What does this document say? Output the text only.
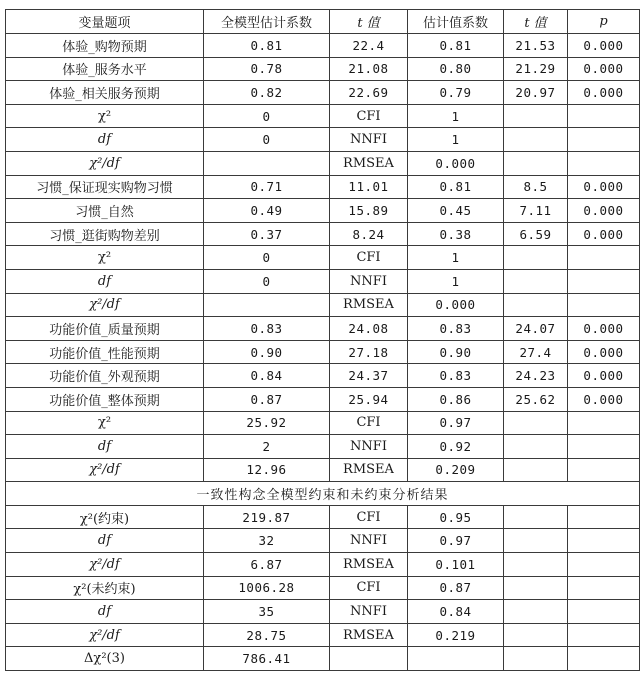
变量题项	全模型估计系数	t 值	估计值系数	t 值	p
体验_购物预期	0.81	22.4	0.81	21.53	0.000
体验_服务水平	0.78	21.08	0.80	21.29	0.000
体验_相关服务预期	0.82	22.69	0.79	20.97	0.000
χ²	0	CFI	1		
df	0	NNFI	1		
χ²/df		RMSEA	0.000		
习惯_保证现实购物习惯	0.71	11.01	0.81	8.5	0.000
习惯_自然	0.49	15.89	0.45	7.11	0.000
习惯_逛街购物差别	0.37	8.24	0.38	6.59	0.000
χ²	0	CFI	1		
df	0	NNFI	1		
χ²/df		RMSEA	0.000		
功能价值_质量预期	0.83	24.08	0.83	24.07	0.000
功能价值_性能预期	0.90	27.18	0.90	27.4	0.000
功能价值_外观预期	0.84	24.37	0.83	24.23	0.000
功能价值_整体预期	0.87	25.94	0.86	25.62	0.000
χ²	25.92	CFI	0.97		
df	2	NNFI	0.92		
χ²/df	12.96	RMSEA	0.209		
一致性构念全模型约束和未约束分析结果					
χ²(约束)	219.87	CFI	0.95		
df	32	NNFI	0.97		
χ²/df	6.87	RMSEA	0.101		
χ²(未约束)	1006.28	CFI	0.87		
df	35	NNFI	0.84		
χ²/df	28.75	RMSEA	0.219		
Δχ²(3)	786.41				
